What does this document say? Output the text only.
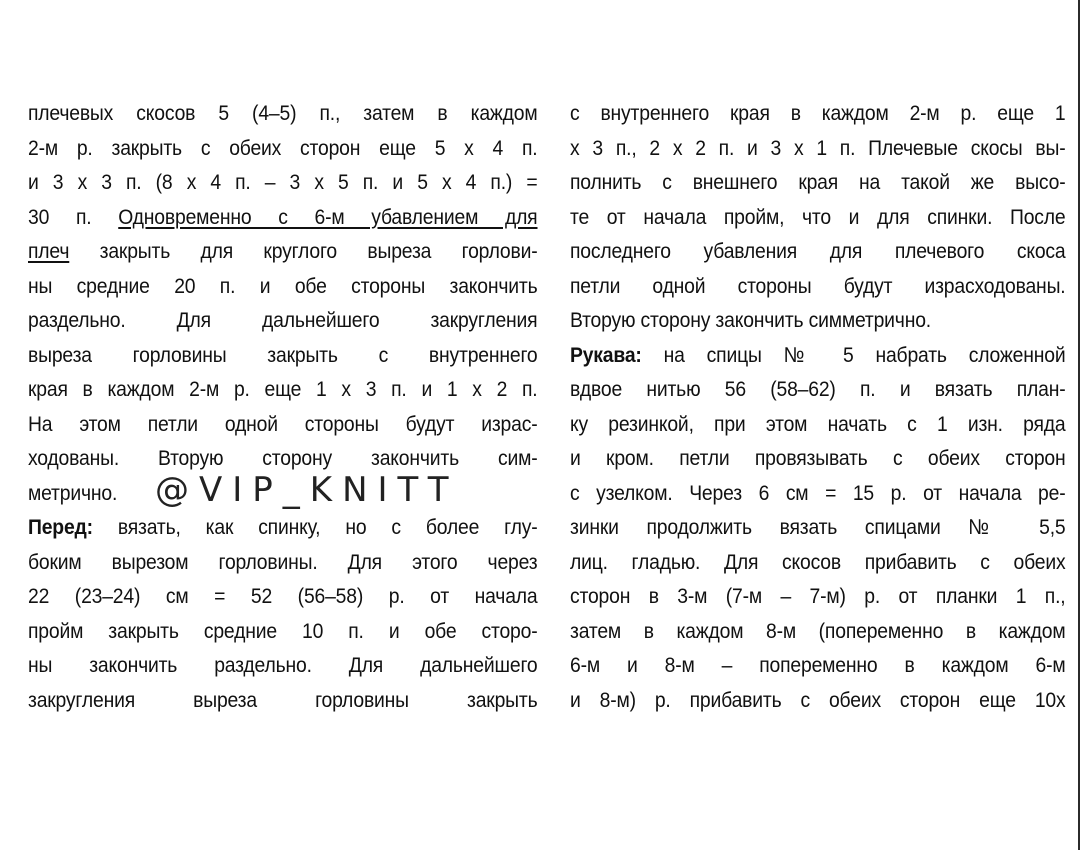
плечевых скосов 5 (4–5) п., затем в каждом
2-м р. закрыть с обеих сторон еще 5 х 4 п.
и 3 х 3 п. (8 х 4 п. – 3 х 5 п. и 5 х 4 п.) =
30 п. Одновременно с 6-м убавлением для
плеч закрыть для круглого выреза горлови-
ны средние 20 п. и обе стороны закончить
раздельно. Для дальнейшего закругления
выреза горловины закрыть с внутреннего
края в каждом 2-м р. еще 1 х 3 п. и 1 х 2 п.
На этом петли одной стороны будут израс-
ходованы. Вторую сторону закончить сим-
метрично.
Перед: вязать, как спинку, но с более глу-
боким вырезом горловины. Для этого через
22 (23–24) см = 52 (56–58) р. от начала
пройм закрыть средние 10 п. и обе сторо-
ны закончить раздельно. Для дальнейшего
закругления выреза горловины закрыть
@VIP_KNITT
с внутреннего края в каждом 2-м р. еще 1
х 3 п., 2 х 2 п. и 3 х 1 п. Плечевые скосы вы-
полнить с внешнего края на такой же высо-
те от начала пройм, что и для спинки. После
последнего убавления для плечевого скоса
петли одной стороны будут израсходованы.
Вторую сторону закончить симметрично.
Рукава: на спицы № 5 набрать сложенной
вдвое нитью 56 (58–62) п. и вязать план-
ку резинкой, при этом начать с 1 изн. ряда
и кром. петли провязывать с обеих сторон
с узелком. Через 6 см = 15 р. от начала ре-
зинки продолжить вязать спицами № 5,5
лиц. гладью. Для скосов прибавить с обеих
сторон в 3-м (7-м – 7-м) р. от планки 1 п.,
затем в каждом 8-м (попеременно в каждом
6-м и 8-м – попеременно в каждом 6-м
и 8-м) р. прибавить с обеих сторон еще 10х
